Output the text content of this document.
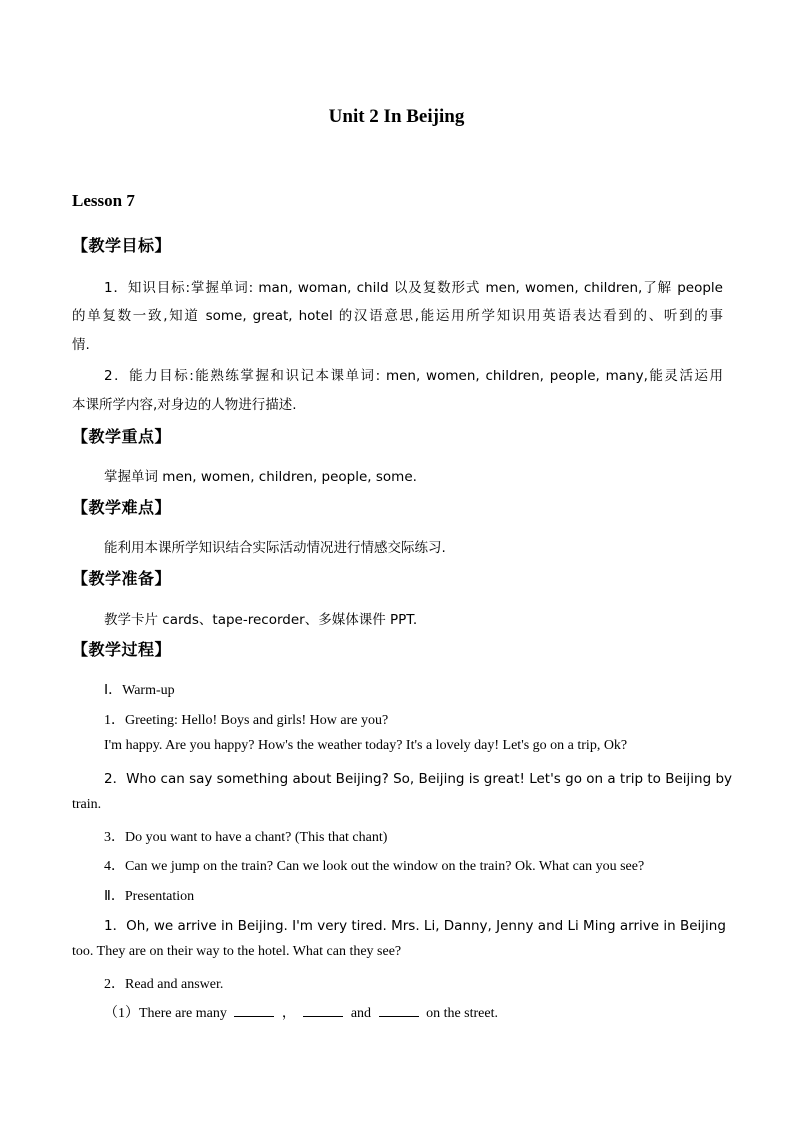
Unit 2 In Beijing
Lesson 7
【教学目标】
1．知识目标:掌握单词: man, woman, child 以及复数形式 men, women, children,了解 people
的单复数一致,知道 some, great, hotel 的汉语意思,能运用所学知识用英语表达看到的、听到的事
情.
2．能力目标:能熟练掌握和识记本课单词: men, women, children, people, many,能灵活运用
本课所学内容,对身边的人物进行描述.
【教学重点】
掌握单词 men, women, children, people, some.
【教学难点】
能利用本课所学知识结合实际活动情况进行情感交际练习.
【教学准备】
教学卡片 cards、tape-recorder、多媒体课件 PPT.
【教学过程】
Ⅰ．Warm-up
1．Greeting: Hello! Boys and girls! How are you?
I'm happy. Are you happy? How's the weather today? It's a lovely day! Let's go on a trip, Ok?
2．Who can say something about Beijing? So, Beijing is great! Let's go on a trip to Beijing by
train.
3．Do you want to have a chant? (This that chant)
4．Can we jump on the train? Can we look out the window on the train? Ok. What can you see?
Ⅱ．Presentation
1．Oh, we arrive in Beijing. I'm very tired. Mrs. Li, Danny, Jenny and Li Ming arrive in Beijing
too. They are on their way to the hotel. What can they see?
2．Read and answer.
（1）There are many	，	and	on the street.
